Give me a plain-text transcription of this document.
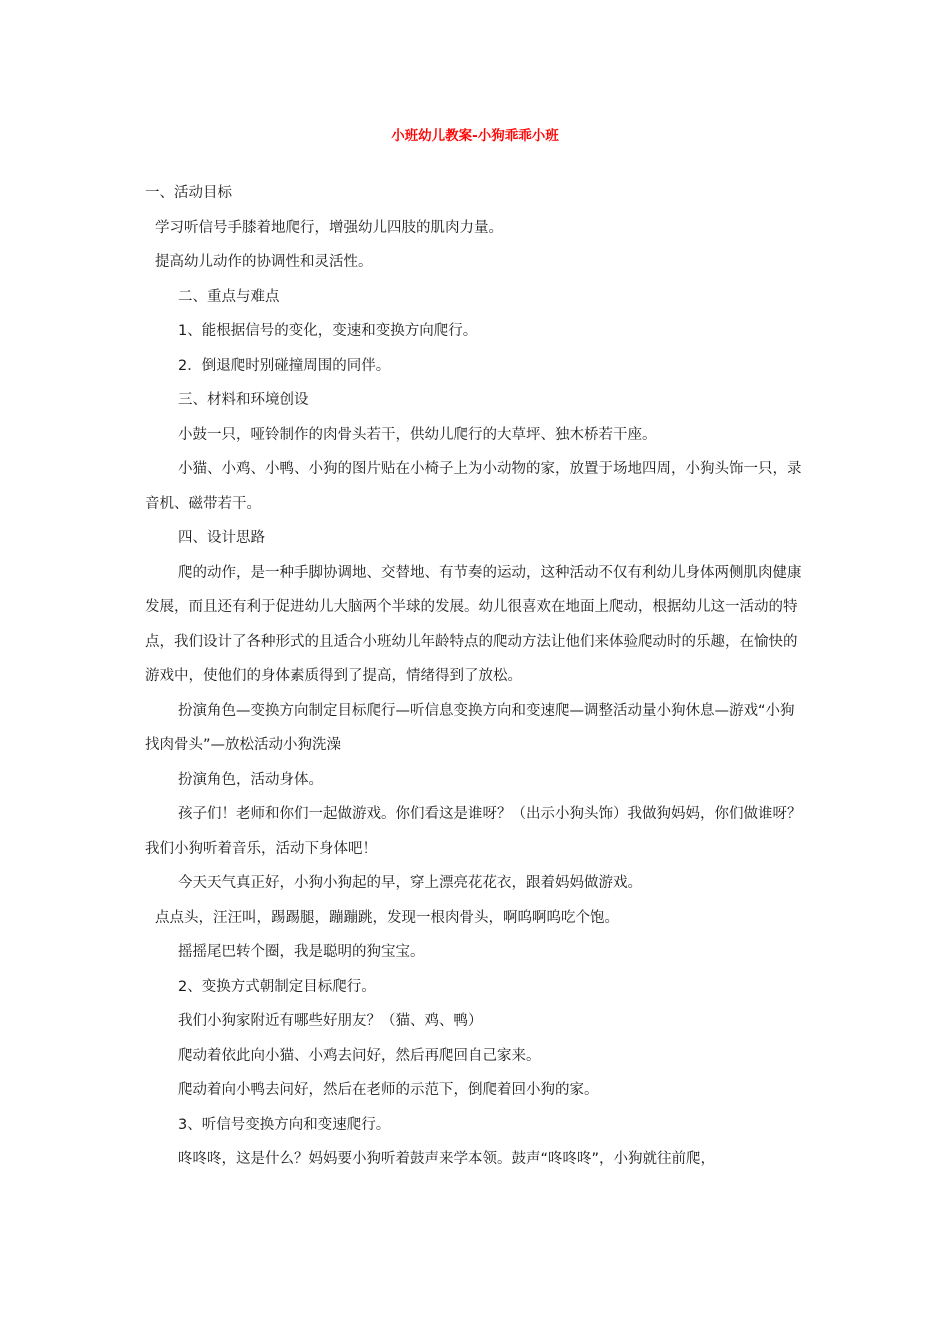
小班幼儿教案-小狗乖乖小班

一、活动目标

学习听信号手膝着地爬行，增强幼儿四肢的肌肉力量。

提高幼儿动作的协调性和灵活性。

二、重点与难点

1、能根据信号的变化，变速和变换方向爬行。

2．倒退爬时别碰撞周围的同伴。

三、材料和环境创设

小鼓一只，哑铃制作的肉骨头若干，供幼儿爬行的大草坪、独木桥若干座。

小猫、小鸡、小鸭、小狗的图片贴在小椅子上为小动物的家，放置于场地四周，小狗头饰一只，录音机、磁带若干。

四、设计思路

爬的动作，是一种手脚协调地、交替地、有节奏的运动，这种活动不仅有利幼儿身体两侧肌肉健康发展，而且还有利于促进幼儿大脑两个半球的发展。幼儿很喜欢在地面上爬动，根据幼儿这一活动的特点，我们设计了各种形式的且适合小班幼儿年龄特点的爬动方法让他们来体验爬动时的乐趣，在愉快的游戏中，使他们的身体素质得到了提高，情绪得到了放松。

扮演角色—变换方向制定目标爬行—听信息变换方向和变速爬—调整活动量小狗休息—游戏“小狗找肉骨头”—放松活动小狗洗澡

扮演角色，活动身体。

孩子们！老师和你们一起做游戏。你们看这是谁呀？（出示小狗头饰）我做狗妈妈，你们做谁呀？我们小狗听着音乐，活动下身体吧！

今天天气真正好，小狗小狗起的早，穿上漂亮花花衣，跟着妈妈做游戏。

点点头，汪汪叫，踢踢腿，蹦蹦跳，发现一根肉骨头，啊呜啊呜吃个饱。

摇摇尾巴转个圈，我是聪明的狗宝宝。

2、变换方式朝制定目标爬行。

我们小狗家附近有哪些好朋友？（猫、鸡、鸭）

爬动着依此向小猫、小鸡去问好，然后再爬回自己家来。

爬动着向小鸭去问好，然后在老师的示范下，倒爬着回小狗的家。

3、听信号变换方向和变速爬行。

咚咚咚，这是什么？妈妈要小狗听着鼓声来学本领。鼓声“咚咚咚”，小狗就往前爬，
